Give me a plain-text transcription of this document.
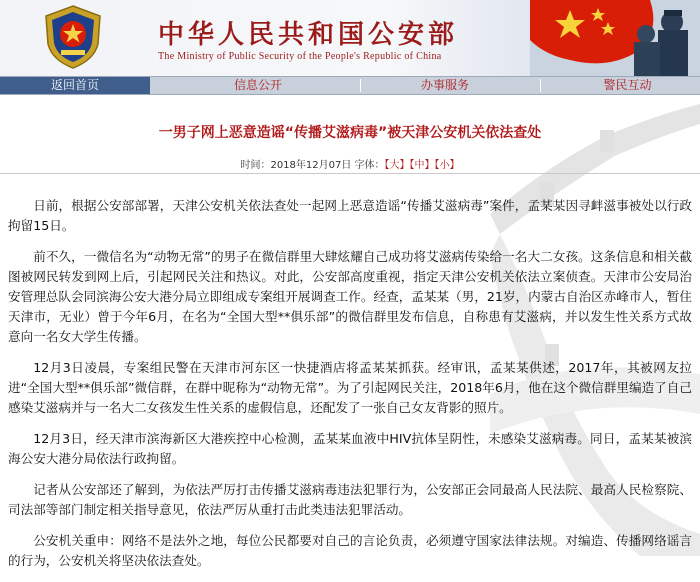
中华人民共和国公安部
The Ministry of Public Security of the People's Republic of China
返回首页	信息公开	办事服务	警民互动
一男子网上恶意造谣“传播艾滋病毒”被天津公安机关依法查处
时间：2018年12月07日 字体：【大】【中】【小】

日前，根据公安部部署，天津公安机关依法查处一起网上恶意造谣“传播艾滋病毒”案件，孟某某因寻衅滋事被处以行政拘留15日。

前不久，一微信名为“动物无常”的男子在微信群里大肆炫耀自己成功将艾滋病传染给一名大二女孩。这条信息和相关截图被网民转发到网上后，引起网民关注和热议。对此，公安部高度重视，指定天津公安机关依法立案侦查。天津市公安局治安管理总队会同滨海公安大港分局立即组成专案组开展调查工作。经查，孟某某（男，21岁，内蒙古自治区赤峰市人，暂住天津市，无业）曾于今年6月，在名为“全国大型**俱乐部”的微信群里发布信息，自称患有艾滋病，并以发生性关系方式故意向一名女大学生传播。

12月3日凌晨，专案组民警在天津市河东区一快捷酒店将孟某某抓获。经审讯，孟某某供述，2017年，其被网友拉进“全国大型**俱乐部”微信群，在群中昵称为“动物无常”。为了引起网民关注，2018年6月，他在这个微信群里编造了自己感染艾滋病并与一名大二女孩发生性关系的虚假信息，还配发了一张自己女友背影的照片。

12月3日，经天津市滨海新区大港疾控中心检测，孟某某血液中HIV抗体呈阴性，未感染艾滋病毒。同日，孟某某被滨海公安大港分局依法行政拘留。

记者从公安部还了解到，为依法严厉打击传播艾滋病毒违法犯罪行为，公安部正会同最高人民法院、最高人民检察院、司法部等部门制定相关指导意见，依法严厉从重打击此类违法犯罪活动。

公安机关重申：网络不是法外之地，每位公民都要对自己的言论负责，必须遵守国家法律法规。对编造、传播网络谣言的行为，公安机关将坚决依法查处。
